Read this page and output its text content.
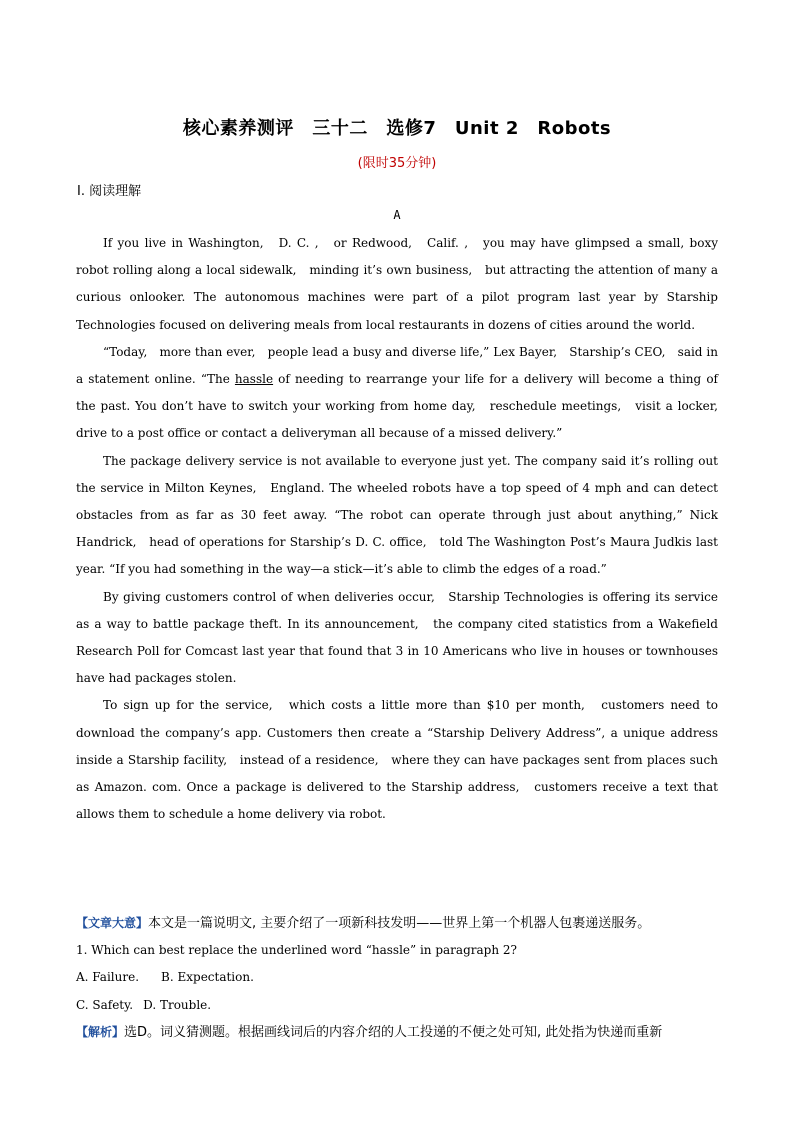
核心素养测评　三十二　选修7　Unit 2　Robots
(限时35分钟)
Ⅰ. 阅读理解
A

If you live in Washington,　D. C. ,　or Redwood,　Calif. ,　you may have glimpsed a small, boxy robot rolling along a local sidewalk,　minding it’s own business,　but attracting the attention of many a curious onlooker. The autonomous machines were part of a pilot program last year by Starship Technologies focused on delivering meals from local restaurants in dozens of cities around the world.

“Today,　more than ever,　people lead a busy and diverse life,” Lex Bayer,　Starship’s CEO,　said in a statement online. “The hassle of needing to rearrange your life for a delivery will become a thing of the past. You don’t have to switch your working from home day,　reschedule meetings,　visit a locker,　drive to a post office or contact a deliveryman all because of a missed delivery.”

The package delivery service is not available to everyone just yet. The company said it’s rolling out the service in Milton Keynes,　England. The wheeled robots have a top speed of 4 mph and can detect obstacles from as far as 30 feet away. “The robot can operate through just about anything,” Nick Handrick,　head of operations for Starship’s D. C. office,　told The Washington Post’s Maura Judkis last year. “If you had something in the way—a stick—it’s able to climb the edges of a road.”

By giving customers control of when deliveries occur,　Starship Technologies is offering its service as a way to battle package theft. In its announcement,　the company cited statistics from a Wakefield Research Poll for Comcast last year that found that 3 in 10 Americans who live in houses or townhouses have had packages stolen.

To sign up for the service,　which costs a little more than $10 per month,　customers need to download the company’s app. Customers then create a “Starship Delivery Address”, a unique address inside a Starship facility,　instead of a residence,　where they can have packages sent from places such as Amazon. com. Once a package is delivered to the Starship address,　customers receive a text that allows them to schedule a home delivery via robot.

【文章大意】本文是一篇说明文, 主要介绍了一项新科技发明——世界上第一个机器人包裹递送服务。
1. Which can best replace the underlined word “hassle” in paragraph 2?
A. Failure. B. Expectation.
C. Safety. D. Trouble.
【解析】选D。词义猜测题。根据画线词后的内容介绍的人工投递的不便之处可知, 此处指为快递而重新
